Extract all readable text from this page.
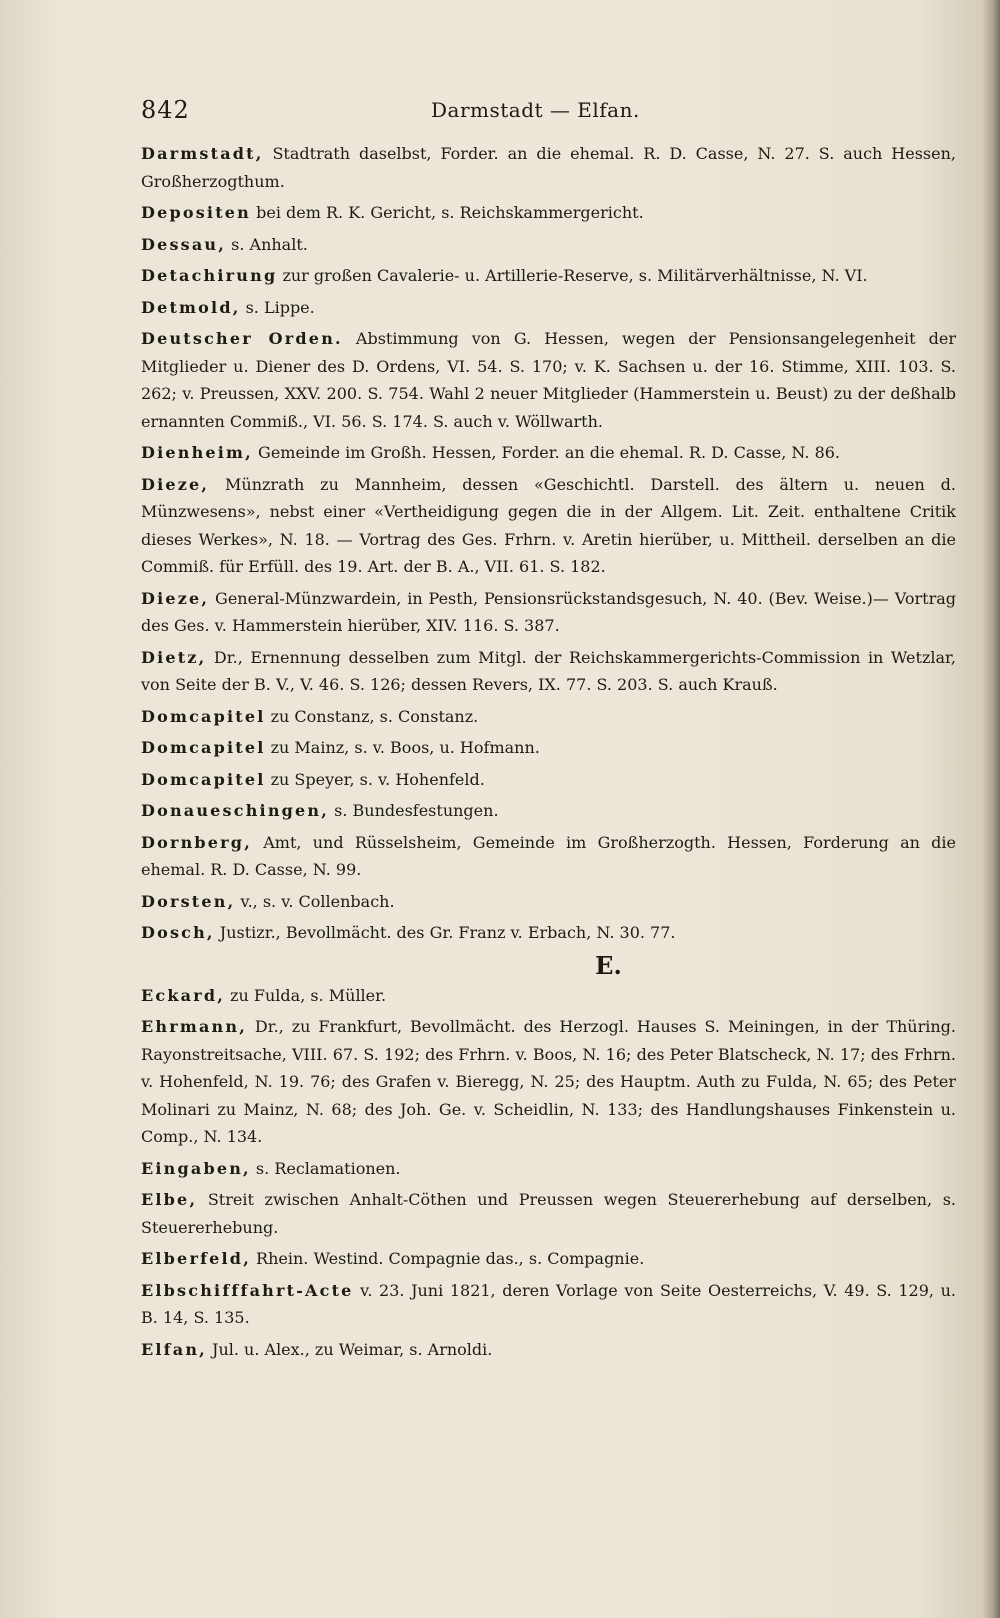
842	Darmstadt — Elfan.

Darmstadt, Stadtrath daselbst, Forder. an die ehemal. R. D. Casse, N. 27. S. auch Hessen, Großherzogthum.

Depositen bei dem R. K. Gericht, s. Reichskammergericht.

Dessau, s. Anhalt.

Detachirung zur großen Cavalerie- u. Artillerie-Reserve, s. Militärverhältnisse, N. VI.

Detmold, s. Lippe.

Deutscher Orden. Abstimmung von G. Hessen, wegen der Pensionsangelegenheit der Mitglieder u. Diener des D. Ordens, VI. 54. S. 170; v. K. Sachsen u. der 16. Stimme, XIII. 103. S. 262; v. Preussen, XXV. 200. S. 754. Wahl 2 neuer Mitglieder (Hammerstein u. Beust) zu der deßhalb ernannten Commiß., VI. 56. S. 174. S. auch v. Wöllwarth.

Dienheim, Gemeinde im Großh. Hessen, Forder. an die ehemal. R. D. Casse, N. 86.

Dieze, Münzrath zu Mannheim, dessen «Geschichtl. Darstell. des ältern u. neuen d. Münzwesens», nebst einer «Vertheidigung gegen die in der Allgem. Lit. Zeit. enthaltene Critik dieses Werkes», N. 18. — Vortrag des Ges. Frhrn. v. Aretin hierüber, u. Mittheil. derselben an die Commiß. für Erfüll. des 19. Art. der B. A., VII. 61. S. 182.

Dieze, General-Münzwardein, in Pesth, Pensionsrückstandsgesuch, N. 40. (Bev. Weise.)— Vortrag des Ges. v. Hammerstein hierüber, XIV. 116. S. 387.

Dietz, Dr., Ernennung desselben zum Mitgl. der Reichskammergerichts-Commission in Wetzlar, von Seite der B. V., V. 46. S. 126; dessen Revers, IX. 77. S. 203. S. auch Krauß.

Domcapitel zu Constanz, s. Constanz.

Domcapitel zu Mainz, s. v. Boos, u. Hofmann.

Domcapitel zu Speyer, s. v. Hohenfeld.

Donaueschingen, s. Bundesfestungen.

Dornberg, Amt, und Rüsselsheim, Gemeinde im Großherzogth. Hessen, Forderung an die ehemal. R. D. Casse, N. 99.

Dorsten, v., s. v. Collenbach.

Dosch, Justizr., Bevollmächt. des Gr. Franz v. Erbach, N. 30. 77.

E.

Eckard, zu Fulda, s. Müller.

Ehrmann, Dr., zu Frankfurt, Bevollmächt. des Herzogl. Hauses S. Meiningen, in der Thüring. Rayonstreitsache, VIII. 67. S. 192; des Frhrn. v. Boos, N. 16; des Peter Blatscheck, N. 17; des Frhrn. v. Hohenfeld, N. 19. 76; des Grafen v. Bieregg, N. 25; des Hauptm. Auth zu Fulda, N. 65; des Peter Molinari zu Mainz, N. 68; des Joh. Ge. v. Scheidlin, N. 133; des Handlungshauses Finkenstein u. Comp., N. 134.

Eingaben, s. Reclamationen.

Elbe, Streit zwischen Anhalt-Cöthen und Preussen wegen Steuererhebung auf derselben, s. Steuererhebung.

Elberfeld, Rhein. Westind. Compagnie das., s. Compagnie.

Elbschifffahrt-Acte v. 23. Juni 1821, deren Vorlage von Seite Oesterreichs, V. 49. S. 129, u. B. 14, S. 135.

Elfan, Jul. u. Alex., zu Weimar, s. Arnoldi.
